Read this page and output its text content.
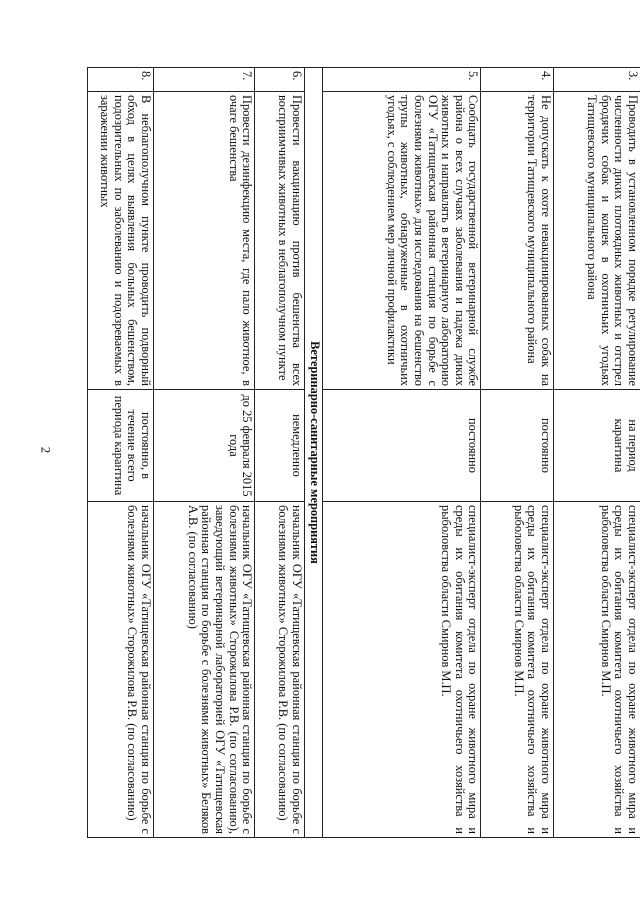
2
3.	Проводить в установленном порядке регулирование численности диких плотоядных животных и отстрел бродячих собак и кошек в охотничьих угодьях Татищевского муниципального района	на период карантина	специалист-эксперт отдела по охране животного мира и среды их обитания комитета охотничьего хозяйства и рыболовства области Смирнов М.П.
4.	Не допускать к охоте невакцинированных собак на территории Татищевского муниципального района	постоянно	специалист-эксперт отдела по охране животного мира и среды их обитания комитета охотничьего хозяйства и рыболовства области Смирнов М.П.
5.	Сообщать государственной ветеринарной службе района о всех случаях заболевания и падежа диких животных и направлять в ветеринарную лабораторию ОГУ «Татищевская районная станция по борьбе с болезнями животных» для исследования на бешенство трупы животных, обнаруженные в охотничьих угодьях, с соблюдением мер личной профилактики	постоянно	специалист-эксперт отдела по охране животного мира и среды их обитания комитета охотничьего хозяйства и рыболовства области Смирнов М.П.
Ветеринарно-санитарные мероприятия			
6.	Провести вакцинацию против бешенства всех восприимчивых животных в неблагополучном пункте	немедленно	начальник ОГУ «Татищевская районная станция по борьбе с болезнями животных» Сторожилова Р.В. (по согласованию)
7.	Провести дезинфекцию места, где пало животное, в очаге бешенства	до 25 февраля 2015 года	начальник ОГУ «Татищевская районная станция по борьбе с болезнями животных» Сторожилова Р.В. (по согласованию), заведующий ветеринарной лабораторией ОГУ «Татищевская районная станция по борьбе с болезнями животных» Беляков А.В. (по согласованию)
8.	В неблагополучном пункте проводить подворный обход в целях выявления больных бешенством, подозрительных по заболеванию и подозреваемых в заражении животных	постоянно, в течение всего периода карантина	начальник ОГУ «Татищевская районная станция по борьбе с болезнями животных» Сторожилова Р.В. (по согласованию)
